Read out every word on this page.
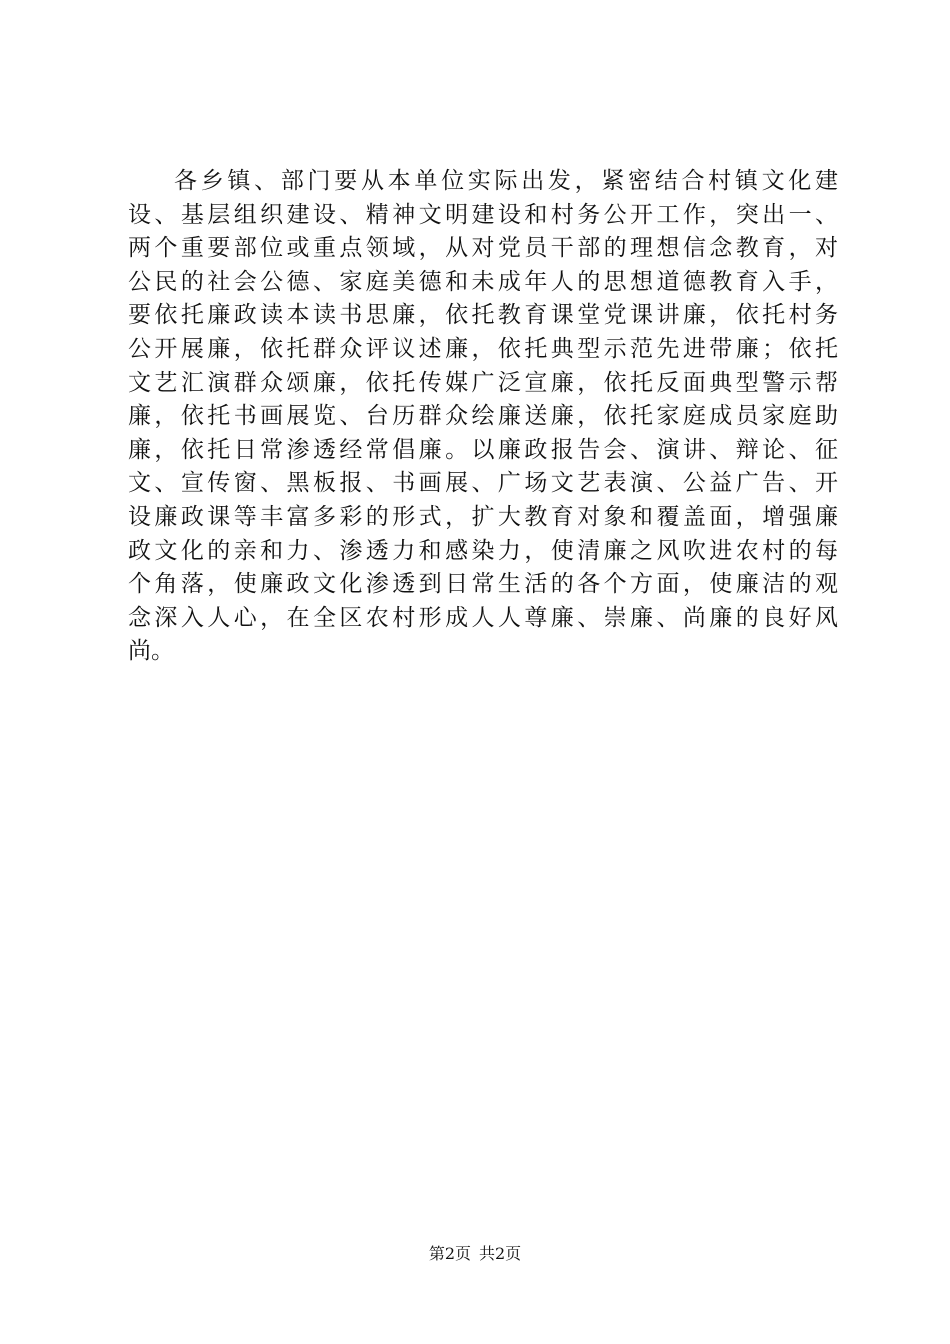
各乡镇、部门要从本单位实际出发，紧密结合村镇文化建
设、基层组织建设、精神文明建设和村务公开工作，突出一、
两个重要部位或重点领域，从对党员干部的理想信念教育，对
公民的社会公德、家庭美德和未成年人的思想道德教育入手，
要依托廉政读本读书思廉，依托教育课堂党课讲廉，依托村务
公开展廉，依托群众评议述廉，依托典型示范先进带廉；依托
文艺汇演群众颂廉，依托传媒广泛宣廉，依托反面典型警示帮
廉，依托书画展览、台历群众绘廉送廉，依托家庭成员家庭助
廉，依托日常渗透经常倡廉。以廉政报告会、演讲、辩论、征
文、宣传窗、黑板报、书画展、广场文艺表演、公益广告、开
设廉政课等丰富多彩的形式，扩大教育对象和覆盖面，增强廉
政文化的亲和力、渗透力和感染力，使清廉之风吹进农村的每
个角落，使廉政文化渗透到日常生活的各个方面，使廉洁的观
念深入人心，在全区农村形成人人尊廉、崇廉、尚廉的良好风
尚。
第2页 共2页
